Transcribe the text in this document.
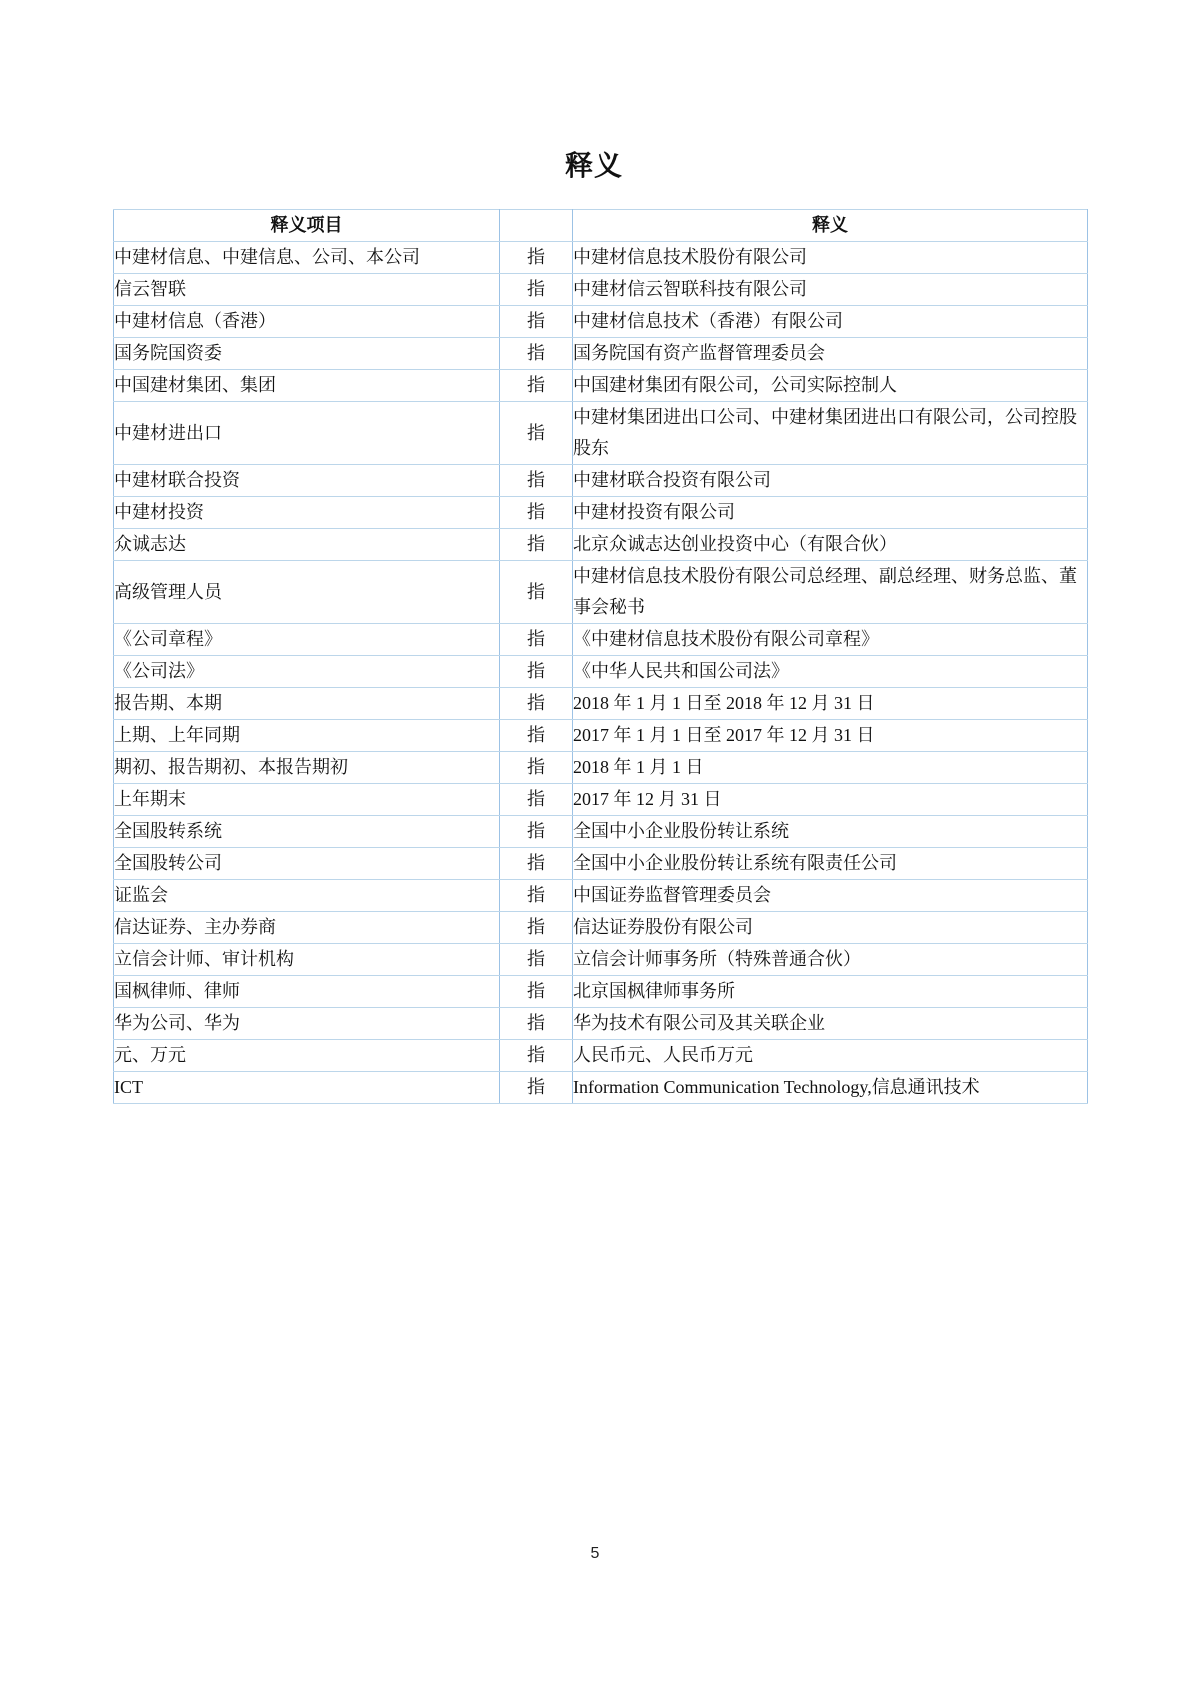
释义
释义项目		释义
中建材信息、中建信息、公司、本公司	指	中建材信息技术股份有限公司
信云智联	指	中建材信云智联科技有限公司
中建材信息（香港）	指	中建材信息技术（香港）有限公司
国务院国资委	指	国务院国有资产监督管理委员会
中国建材集团、集团	指	中国建材集团有限公司，公司实际控制人
中建材进出口	指	中建材集团进出口公司、中建材集团进出口有限公司，公司控股股东
中建材联合投资	指	中建材联合投资有限公司
中建材投资	指	中建材投资有限公司
众诚志达	指	北京众诚志达创业投资中心（有限合伙）
高级管理人员	指	中建材信息技术股份有限公司总经理、副总经理、财务总监、董事会秘书
《公司章程》	指	《中建材信息技术股份有限公司章程》
《公司法》	指	《中华人民共和国公司法》
报告期、本期	指	2018 年 1 月 1 日至 2018 年 12 月 31 日
上期、上年同期	指	2017 年 1 月 1 日至 2017 年 12 月 31 日
期初、报告期初、本报告期初	指	2018 年 1 月 1 日
上年期末	指	2017 年 12 月 31 日
全国股转系统	指	全国中小企业股份转让系统
全国股转公司	指	全国中小企业股份转让系统有限责任公司
证监会	指	中国证券监督管理委员会
信达证券、主办券商	指	信达证券股份有限公司
立信会计师、审计机构	指	立信会计师事务所（特殊普通合伙）
国枫律师、律师	指	北京国枫律师事务所
华为公司、华为	指	华为技术有限公司及其关联企业
元、万元	指	人民币元、人民币万元
ICT	指	Information Communication Technology,信息通讯技术
5
